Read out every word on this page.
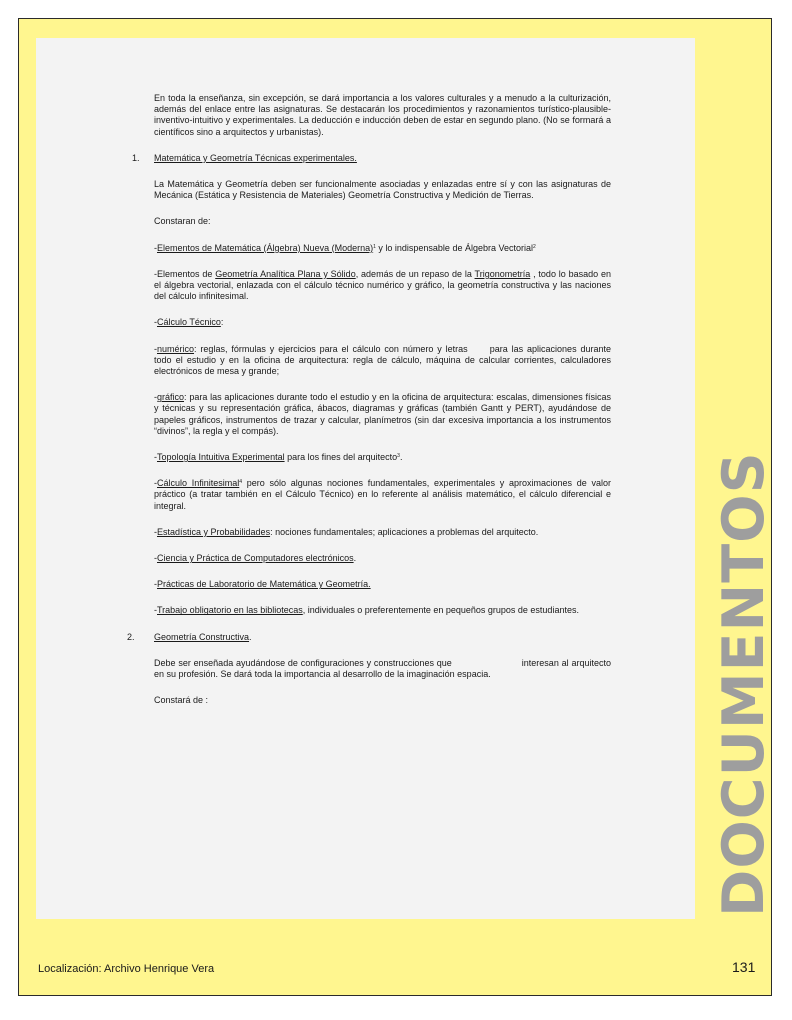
En toda la enseñanza, sin excepción, se dará importancia a los valores culturales y a menudo a la culturización, además del enlace entre las asignaturas. Se destacarán los procedimientos y razonamientos turístico-plausible-inventivo-intuitivo y experimentales. La deducción e inducción deben de estar en segundo plano. (No se formará a científicos sino a arquitectos y urbanistas).

1.	Matemática y Geometría Técnicas experimentales.

La Matemática y Geometría deben ser funcionalmente asociadas y enlazadas entre sí y con las asignaturas de Mecánica (Estática y Resistencia de Materiales) Geometría Constructiva y Medición de Tierras.

Constaran de:

-Elementos de Matemática (Álgebra) Nueva (Moderna)$^1$ y lo indispensable de Álgebra Vectorial$^2$

-Elementos de Geometría Analítica Plana y Sólido, además de un repaso de la Trigonometría , todo lo basado en el álgebra vectorial, enlazada con el cálculo técnico numérico y gráfico, la geometría constructiva y las naciones del cálculo infinitesimal.

-Cálculo Técnico:

-numérico: reglas, fórmulas y ejercicios para el cálculo con número y letras para las aplicaciones durante todo el estudio y en la oficina de arquitectura: regla de cálculo, máquina de calcular corrientes, calculadores electrónicos de mesa y grande;

-gráfico: para las aplicaciones durante todo el estudio y en la oficina de arquitectura: escalas, dimensiones físicas y técnicas y su representación gráfica, ábacos, diagramas y gráficas (también Gantt y PERT), ayudándose de papeles gráficos, instrumentos de trazar y calcular, planímetros (sin dar excesiva importancia a los instrumentos “divinos”, la regla y el compás).

-Topología Intuitiva Experimental para los fines del arquitecto$^3$.

-Cálculo Infinitesimal$^4$ pero sólo algunas nociones fundamentales, experimentales y aproximaciones de valor práctico (a tratar también en el Cálculo Técnico) en lo referente al análisis matemático, el cálculo diferencial e integral.

-Estadística y Probabilidades: nociones fundamentales; aplicaciones a problemas del arquitecto.

-Ciencia y Práctica de Computadores electrónicos.

-Prácticas de Laboratorio de Matemática y Geometría.

-Trabajo obligatorio en las bibliotecas, individuales o preferentemente en pequeños grupos de estudiantes.

2.	Geometría Constructiva.

Debe ser enseñada ayudándose de configuraciones y construcciones que	interesan al arquitecto en su profesión. Se dará toda la importancia al desarrollo de la imaginación espacia.

Constará de :	DOCUMENTOS
Localización: Archivo Henrique Vera	131
